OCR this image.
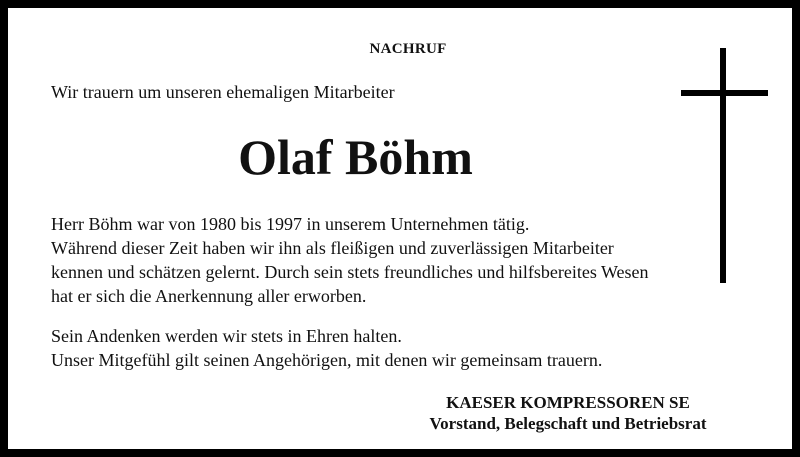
NACHRUF
Wir trauern um unseren ehemaligen Mitarbeiter
Olaf Böhm
Herr Böhm war von 1980 bis 1997 in unserem Unternehmen tätig.
Während dieser Zeit haben wir ihn als fleißigen und zuverlässigen Mitarbeiter
kennen und schätzen gelernt. Durch sein stets freundliches und hilfsbereites Wesen
hat er sich die Anerkennung aller erworben.
Sein Andenken werden wir stets in Ehren halten.
Unser Mitgefühl gilt seinen Angehörigen, mit denen wir gemeinsam trauern.
KAESER KOMPRESSOREN SE
Vorstand, Belegschaft und Betriebsrat
